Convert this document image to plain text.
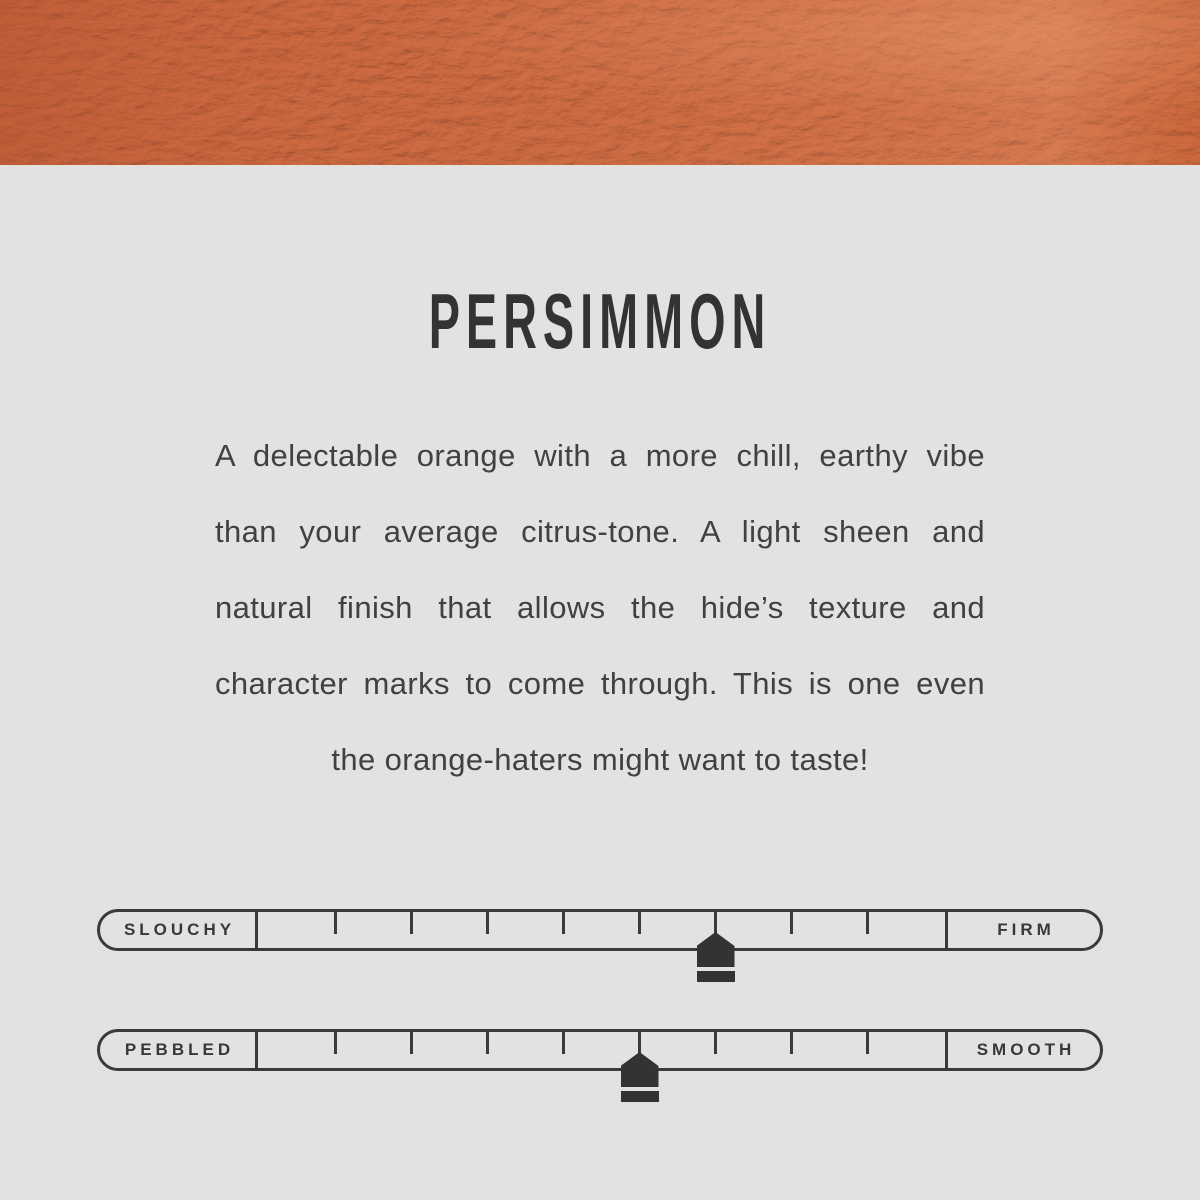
PERSIMMON

A delectable orange with a more chill, earthy vibe

than your average citrus-tone. A light sheen and

natural finish that allows the hide’s texture and

character marks to come through. This is one even

the orange-haters might want to taste!

SLOUCHY	FIRM
PEBBLED	SMOOTH
